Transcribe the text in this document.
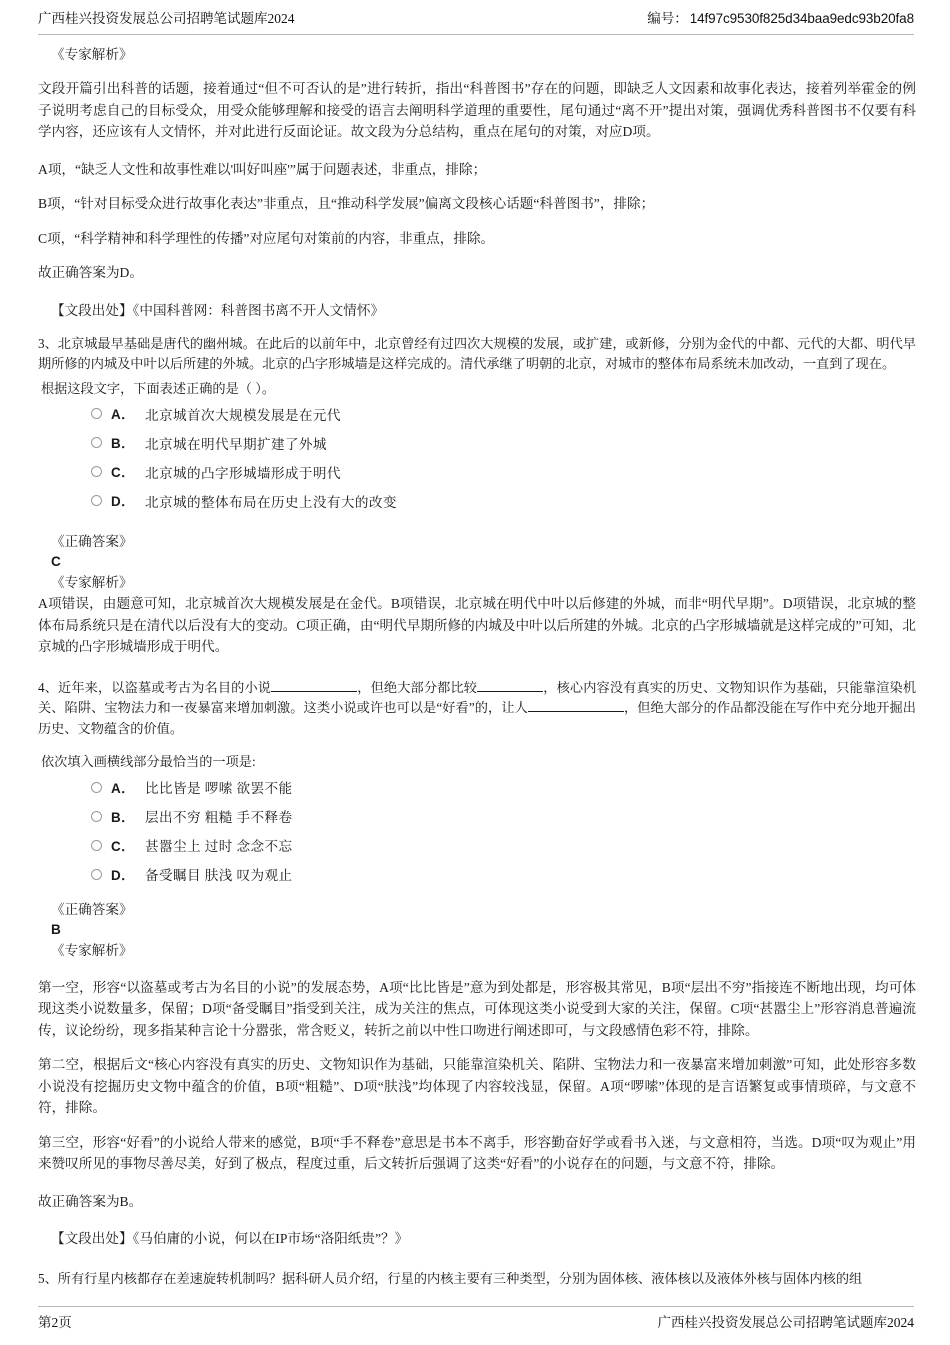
广西桂兴投资发展总公司招聘笔试题库2024	编号： 14f97c9530f825d34baa9edc93b20fa8

《专家解析》

文段开篇引出科普的话题，接着通过“但不可否认的是”进行转折，指出“科普图书”存在的问题，即缺乏人文因素和故事化表达，接着列举霍金的例子说明考虑自己的目标受众，用受众能够理解和接受的语言去阐明科学道理的重要性，尾句通过“离不开”提出对策，强调优秀科普图书不仅要有科学内容，还应该有人文情怀，并对此进行反面论证。故文段为分总结构，重点在尾句的对策，对应D项。

A项，“缺乏人文性和故事性难以'叫好叫座'”属于问题表述，非重点，排除；

B项，“针对目标受众进行故事化表达”非重点，且“推动科学发展”偏离文段核心话题“科普图书”，排除；

C项，“科学精神和科学理性的传播”对应尾句对策前的内容，非重点，排除。

故正确答案为D。

【文段出处】《中国科普网：科普图书离不开人文情怀》

3、北京城最早基础是唐代的幽州城。在此后的以前年中，北京曾经有过四次大规模的发展，或扩建，或新修，分别为金代的中都、元代的大都、明代早期所修的内城及中叶以后所建的外城。北京的凸字形城墙是这样完成的。清代承继了明朝的北京，对城市的整体布局系统未加改动，一直到了现在。

根据这段文字，下面表述正确的是（ ）。

A． 北京城首次大规模发展是在元代
B． 北京城在明代早期扩建了外城
C． 北京城的凸字形城墙形成于明代
D． 北京城的整体布局在历史上没有大的改变

《正确答案》

C

《专家解析》

A项错误，由题意可知，北京城首次大规模发展是在金代。B项错误，北京城在明代中叶以后修建的外城，而非“明代早期”。D项错误，北京城的整体布局系统只是在清代以后没有大的变动。C项正确，由“明代早期所修的内城及中叶以后所建的外城。北京的凸字形城墙就是这样完成的”可知，北京城的凸字形城墙形成于明代。

4、近年来，以盗墓或考古为名目的小说	，但绝大部分都比较	，核心内容没有真实的历史、文物知识作为基础，只能靠渲染机关、陷阱、宝物法力和一夜暴富来增加刺激。这类小说或许也可以是“好看”的，让人	，但绝大部分的作品都没能在写作中充分地开掘出历史、文物蕴含的价值。

依次填入画横线部分最恰当的一项是:

A． 比比皆是 啰嗦 欲罢不能
B． 层出不穷 粗糙 手不释卷
C． 甚嚣尘上 过时 念念不忘
D． 备受瞩目 肤浅 叹为观止

《正确答案》

B

《专家解析》

第一空，形容“以盗墓或考古为名目的小说”的发展态势，A项“比比皆是”意为到处都是，形容极其常见，B项“层出不穷”指接连不断地出现，均可体现这类小说数量多，保留；D项“备受瞩目”指受到关注，成为关注的焦点，可体现这类小说受到大家的关注，保留。C项“甚嚣尘上”形容消息普遍流传，议论纷纷，现多指某种言论十分嚣张，常含贬义，转折之前以中性口吻进行阐述即可，与文段感情色彩不符，排除。

第二空，根据后文“核心内容没有真实的历史、文物知识作为基础，只能靠渲染机关、陷阱、宝物法力和一夜暴富来增加刺激”可知，此处形容多数小说没有挖掘历史文物中蕴含的价值，B项“粗糙”、D项“肤浅”均体现了内容较浅显，保留。A项“啰嗦”体现的是言语繁复或事情琐碎，与文意不符，排除。

第三空，形容“好看”的小说给人带来的感觉，B项“手不释卷”意思是书本不离手，形容勤奋好学或看书入迷，与文意相符，当选。D项“叹为观止”用来赞叹所见的事物尽善尽美，好到了极点，程度过重，后文转折后强调了这类“好看”的小说存在的问题，与文意不符，排除。

故正确答案为B。

【文段出处】《马伯庸的小说，何以在IP市场“洛阳纸贵”？》

5、所有行星内核都存在差速旋转机制吗？据科研人员介绍，行星的内核主要有三种类型，分别为固体核、液体核以及液体外核与固体内核的组

第2页	广西桂兴投资发展总公司招聘笔试题库2024
